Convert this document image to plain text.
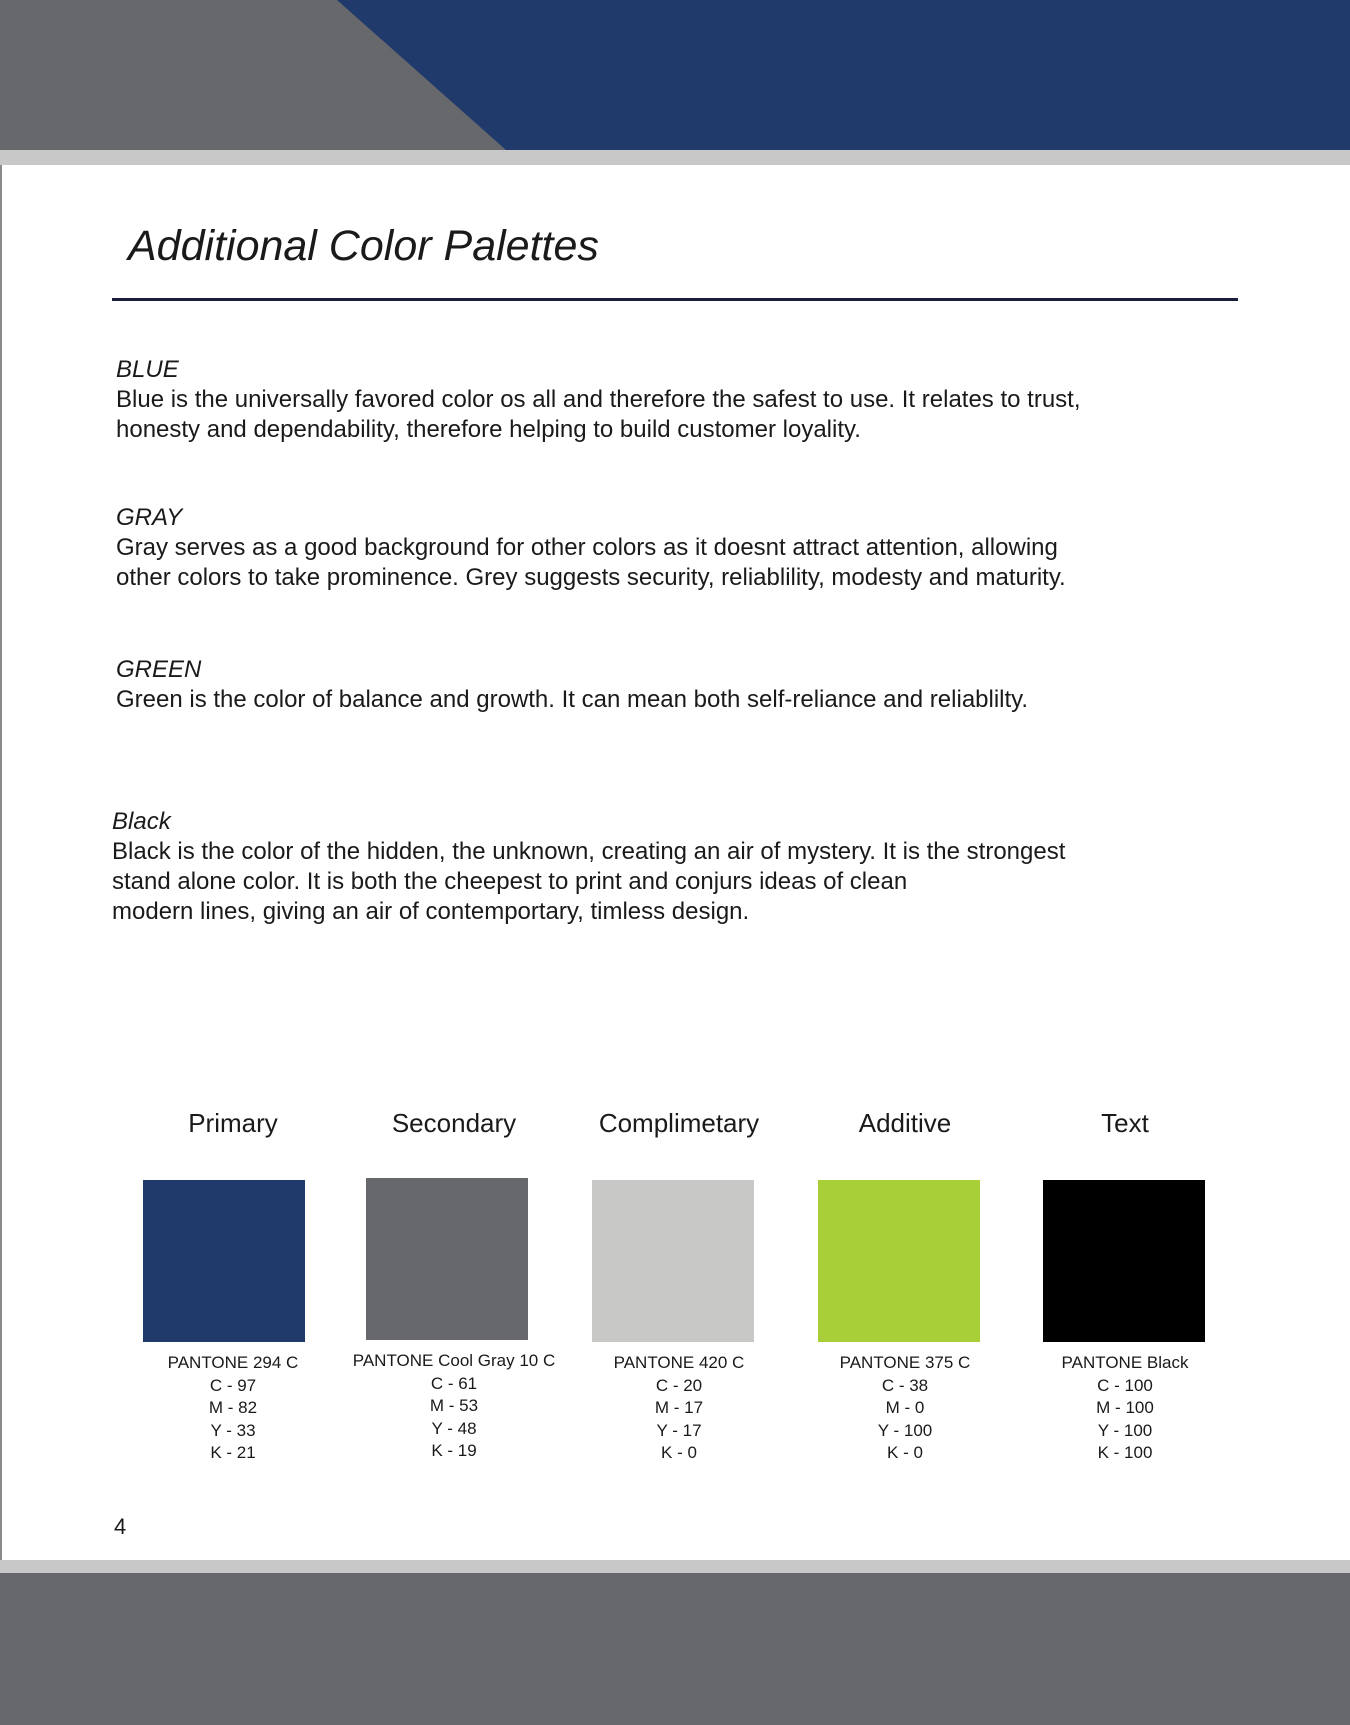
Additional Color Palettes
BLUE

Blue is the universally favored color os all and therefore the safest to use. It relates to trust,

honesty and dependability, therefore helping to build customer loyality.

GRAY

Gray serves as a good background for other colors as it doesnt attract attention, allowing

other colors to take prominence. Grey suggests security, reliablility, modesty and maturity.

GREEN

Green is the color of balance and growth. It can mean both self-reliance and reliablilty.

Black

Black is the color of the hidden, the unknown, creating an air of mystery. It is the strongest

stand alone color. It is both the cheepest to print and conjurs ideas of clean

modern lines, giving an air of contemportary, timless design.

Primary
PANTONE 294 C
C - 97
M - 82
Y - 33
K - 21
Secondary
PANTONE Cool Gray 10 C
C - 61
M - 53
Y - 48
K - 19
Complimetary
PANTONE 420 C
C - 20
M - 17
Y - 17
K - 0
Additive
PANTONE 375 C
C - 38
M - 0
Y - 100
K - 0
Text
PANTONE Black
C - 100
M - 100
Y - 100
K - 100
4
